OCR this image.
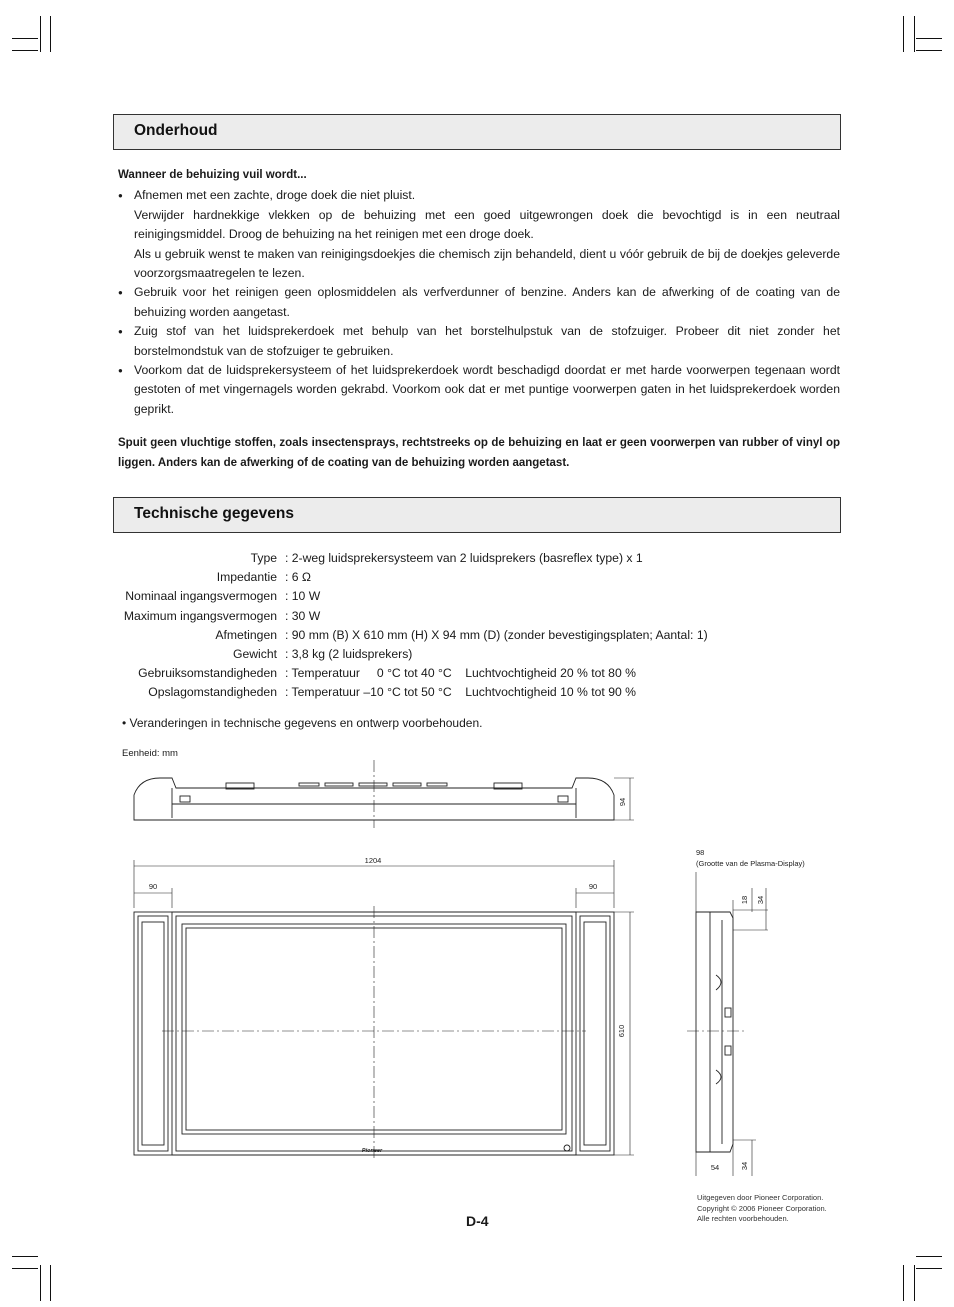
Onderhoud
Wanneer de behuizing vuil wordt...
● Afnemen met een zachte, droge doek die niet pluist.
Verwijder hardnekkige vlekken op de behuizing met een goed uitgewrongen doek die bevochtigd is in een neutraal reinigingsmiddel. Droog de behuizing na het reinigen met een droge doek.
Als u gebruik wenst te maken van reinigingsdoekjes die chemisch zijn behandeld, dient u vóór gebruik de bij de doekjes geleverde voorzorgsmaatregelen te lezen.
● Gebruik voor het reinigen geen oplosmiddelen als verfverdunner of benzine. Anders kan de afwerking of de coating van de behuizing worden aangetast.
● Zuig stof van het luidsprekerdoek met behulp van het borstelhulpstuk van de stofzuiger. Probeer dit niet zonder het borstelmondstuk van de stofzuiger te gebruiken.
● Voorkom dat de luidsprekersysteem of het luidsprekerdoek wordt beschadigd doordat er met harde voorwerpen tegenaan wordt gestoten of met vingernagels worden gekrabd. Voorkom ook dat er met puntige voorwerpen gaten in het luidsprekerdoek worden geprikt.
Spuit geen vluchtige stoffen, zoals insectensprays, rechtstreeks op de behuizing en laat er geen voorwerpen van rubber of vinyl op liggen. Anders kan de afwerking of de coating van de behuizing worden aangetast.
Technische gegevens
Type : 2-weg luidsprekersysteem van 2 luidsprekers (basreflex type) x 1
Impedantie : 6 Ω
Nominaal ingangsvermogen : 10 W
Maximum ingangsvermogen : 30 W
Afmetingen : 90 mm (B) X 610 mm (H) X 94 mm (D) (zonder bevestigingsplaten; Aantal: 1)
Gewicht : 3,8 kg (2 luidsprekers)
Gebruiksomstandigheden : Temperatuur     0 °C tot 40 °C    Luchtvochtigheid 20 % tot 80 %
Opslagomstandigheden : Temperatuur –10 °C tot 50 °C    Luchtvochtigheid 10 % tot 90 %
• Veranderingen in technische gegevens en ontwerp voorbehouden.
Eenheid: mm
94
1204
90	90
610
98
(Grootte van de Plasma-Display)
18 34
54	34
Pioneer
D-4
Uitgegeven door Pioneer Corporation.
Copyright © 2006 Pioneer Corporation.
Alle rechten voorbehouden.
